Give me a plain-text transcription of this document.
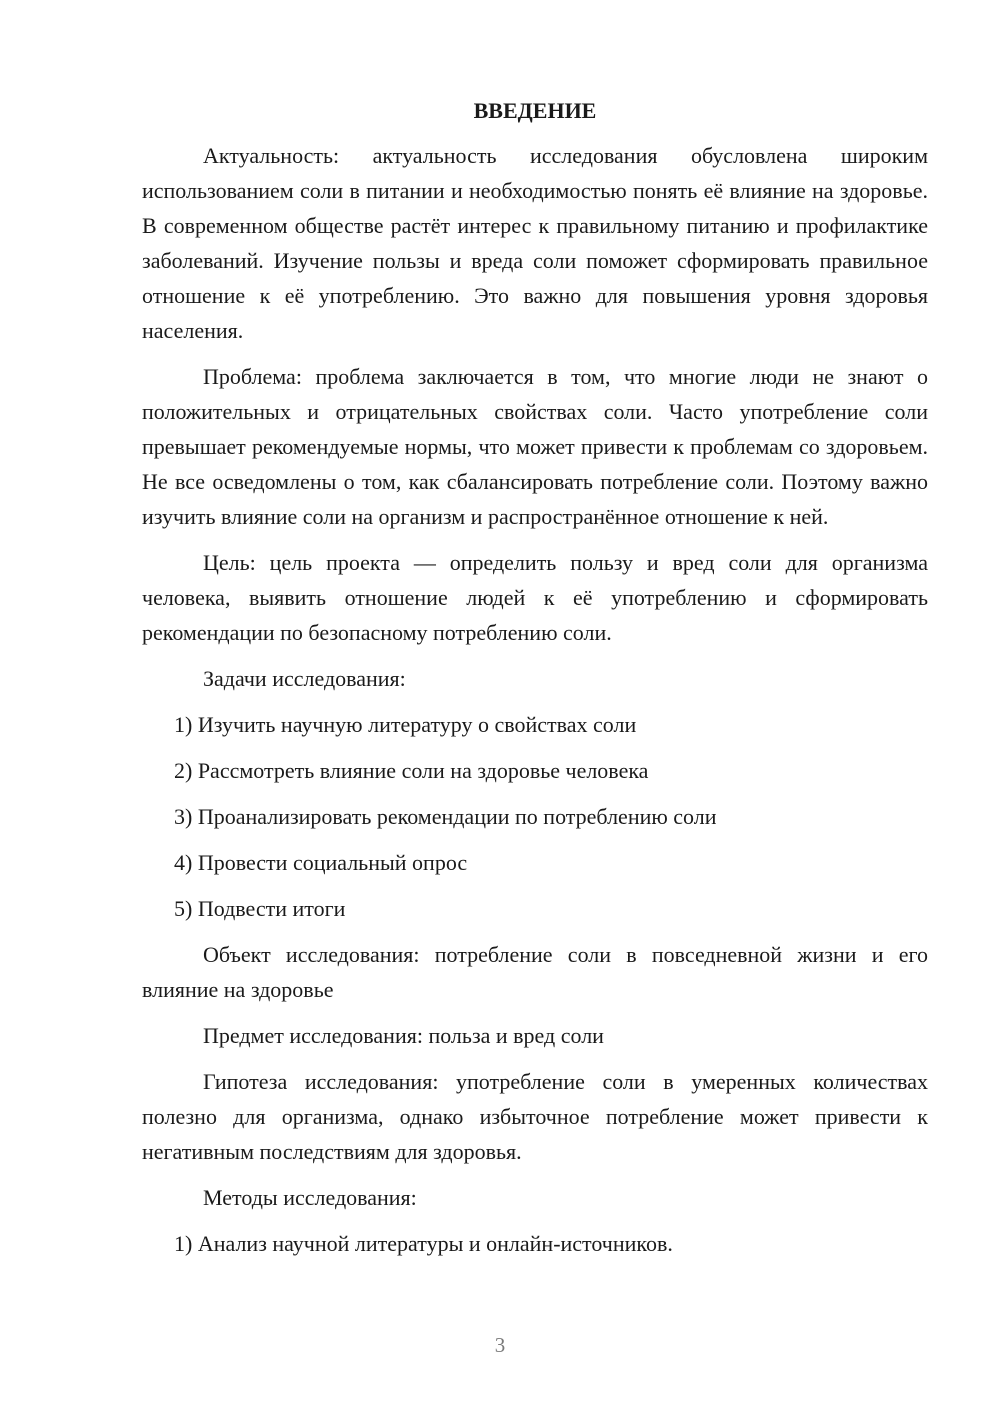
ВВЕДЕНИЕ

Актуальность: актуальность исследования обусловлена широким использованием соли в питании и необходимостью понять её влияние на здоровье. В современном обществе растёт интерес к правильному питанию и профилактике заболеваний. Изучение пользы и вреда соли поможет сформировать правильное отношение к её употреблению. Это важно для повышения уровня здоровья населения.

Проблема: проблема заключается в том, что многие люди не знают о положительных и отрицательных свойствах соли. Часто употребление соли превышает рекомендуемые нормы, что может привести к проблемам со здоровьем. Не все осведомлены о том, как сбалансировать потребление соли. Поэтому важно изучить влияние соли на организм и распространённое отношение к ней.

Цель: цель проекта — определить пользу и вред соли для организма человека, выявить отношение людей к её употреблению и сформировать рекомендации по безопасному потреблению соли.

Задачи исследования:

1) Изучить научную литературу о свойствах соли
2) Рассмотреть влияние соли на здоровье человека
3) Проанализировать рекомендации по потреблению соли
4) Провести социальный опрос
5) Подвести итоги

Объект исследования: потребление соли в повседневной жизни и его влияние на здоровье

Предмет исследования: польза и вред соли

Гипотеза исследования: употребление соли в умеренных количествах полезно для организма, однако избыточное потребление может привести к негативным последствиям для здоровья.

Методы исследования:

1) Анализ научной литературы и онлайн-источников.
3
